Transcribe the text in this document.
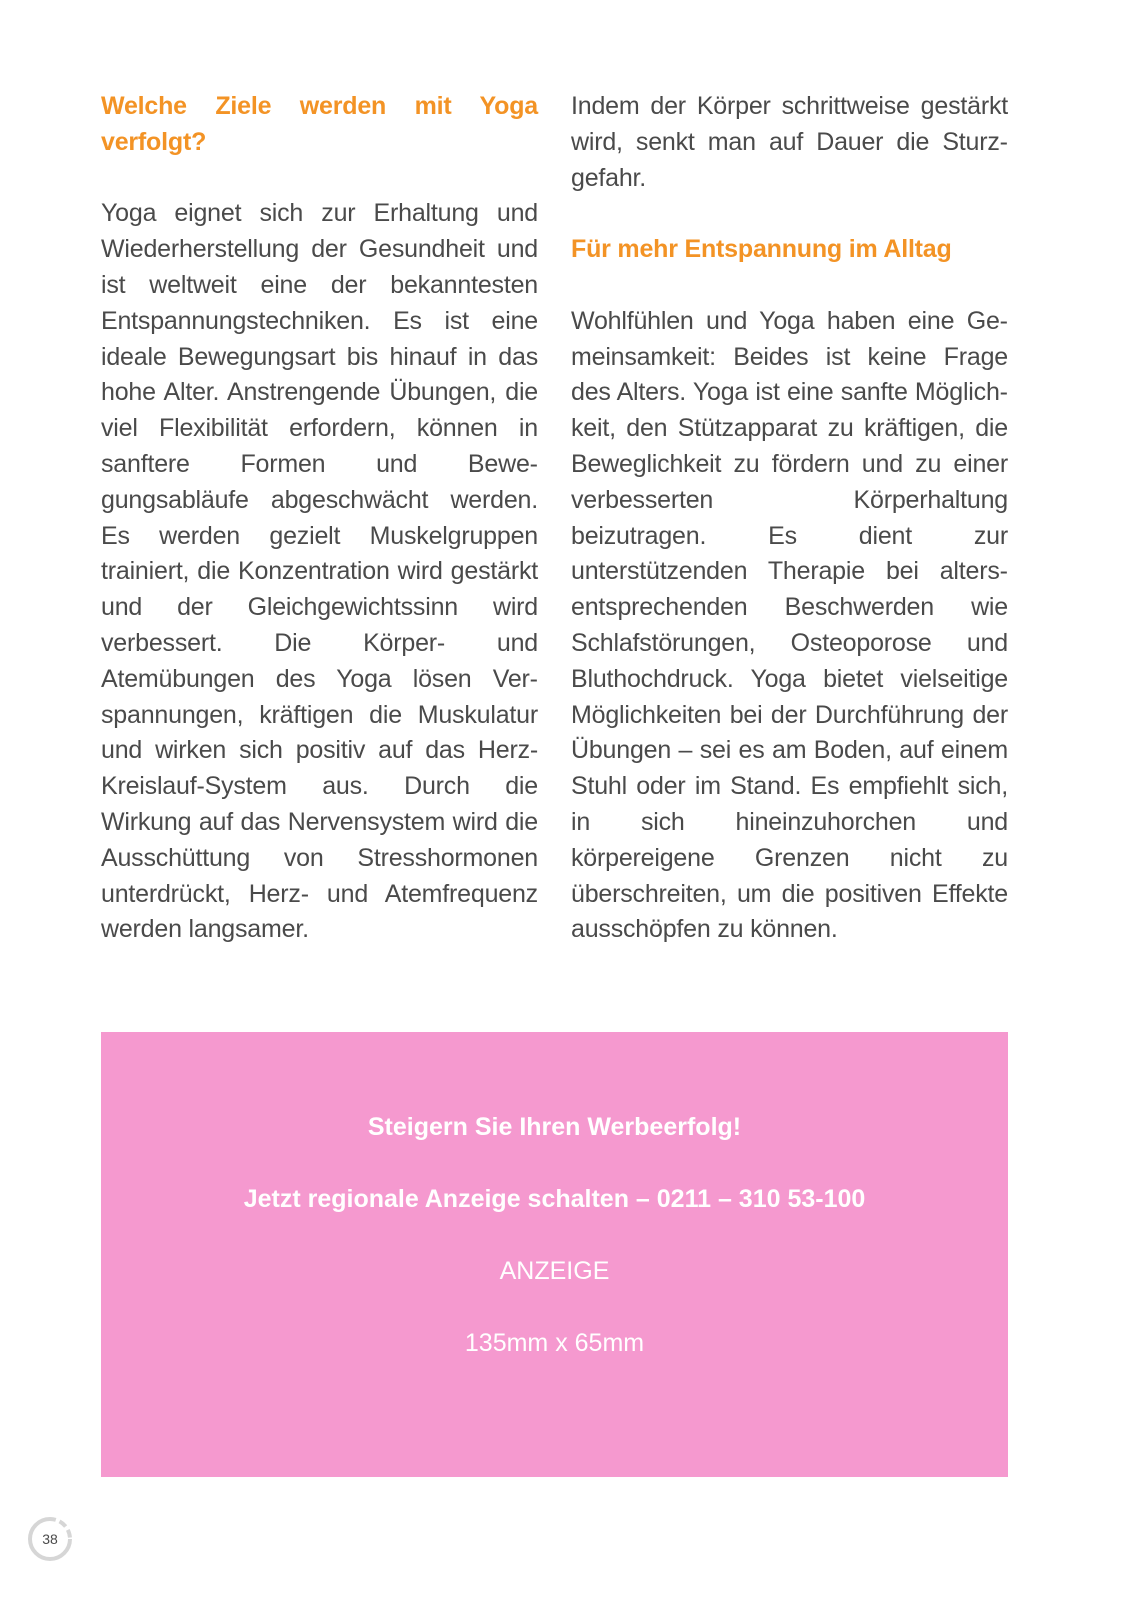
Welche Ziele werden mit Yoga verfolgt?

Yoga eignet sich zur Erhaltung und Wiederherstellung der Gesundheit und ist weltweit eine der bekanntesten Entspannungstechniken. Es ist eine ideale Bewegungsart bis hinauf in das hohe Alter. Anstrengende Übungen, die viel Flexibilität erfordern, können in sanftere Formen und Bewegungsabläufe abgeschwächt werden. Es werden gezielt Muskelgruppen trainiert, die Konzentration wird gestärkt und der Gleichgewichtssinn wird verbessert. Die Körper- und Atemübungen des Yoga lösen Verspannungen, kräftigen die Muskulatur und wirken sich positiv auf das Herz-Kreislauf-System aus. Durch die Wirkung auf das Nervensystem wird die Ausschüttung von Stresshormonen unterdrückt, Herz- und Atemfrequenz werden langsamer.

Indem der Körper schrittweise gestärkt wird, senkt man auf Dauer die Sturzgefahr.

Für mehr Entspannung im Alltag

Wohlfühlen und Yoga haben eine Gemeinsamkeit: Beides ist keine Frage des Alters. Yoga ist eine sanfte Möglichkeit, den Stützapparat zu kräftigen, die Beweglichkeit zu fördern und zu einer verbesserten Körperhaltung beizutragen. Es dient zur unterstützenden Therapie bei altersentsprechenden Beschwerden wie Schlafstörungen, Osteoporose und Bluthochdruck. Yoga bietet vielseitige Möglichkeiten bei der Durchführung der Übungen – sei es am Boden, auf einem Stuhl oder im Stand. Es empfiehlt sich, in sich hineinzuhorchen und körpereigene Grenzen nicht zu überschreiten, um die positiven Effekte ausschöpfen zu können.

Steigern Sie Ihren Werbeerfolg!
Jetzt regionale Anzeige schalten – 0211 – 310 53-100
ANZEIGE
135mm x 65mm
38
